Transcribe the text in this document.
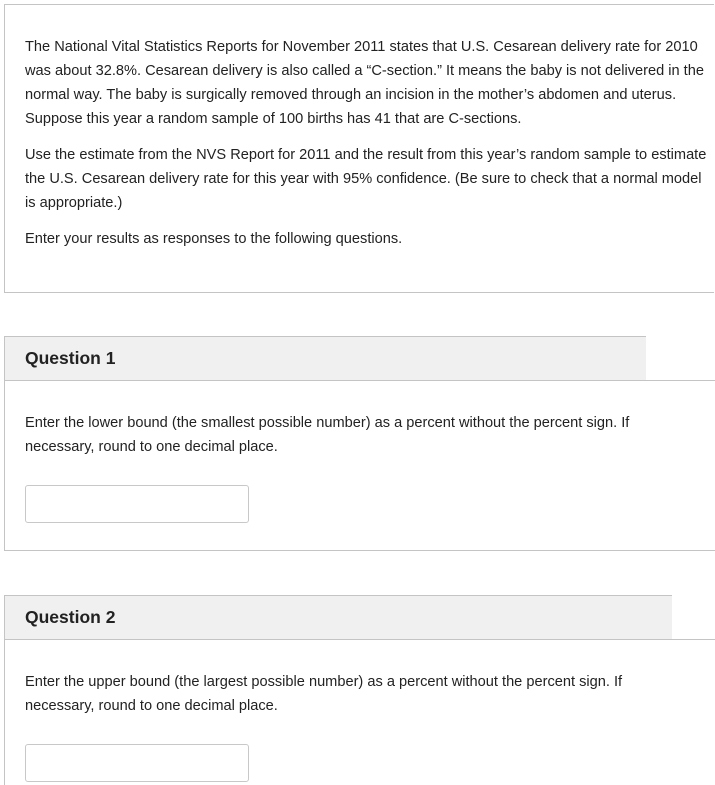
The National Vital Statistics Reports for November 2011 states that U.S. Cesarean delivery rate for 2010 was about 32.8%. Cesarean delivery is also called a “C-section.” It means the baby is not delivered in the normal way. The baby is surgically removed through an incision in the mother’s abdomen and uterus. Suppose this year a random sample of 100 births has 41 that are C-sections.

Use the estimate from the NVS Report for 2011 and the result from this year’s random sample to estimate the U.S. Cesarean delivery rate for this year with 95% confidence. (Be sure to check that a normal model is appropriate.)

Enter your results as responses to the following questions.

Question 1

Enter the lower bound (the smallest possible number) as a percent without the percent sign. If necessary, round to one decimal place.

Question 2

Enter the upper bound (the largest possible number) as a percent without the percent sign. If necessary, round to one decimal place.
